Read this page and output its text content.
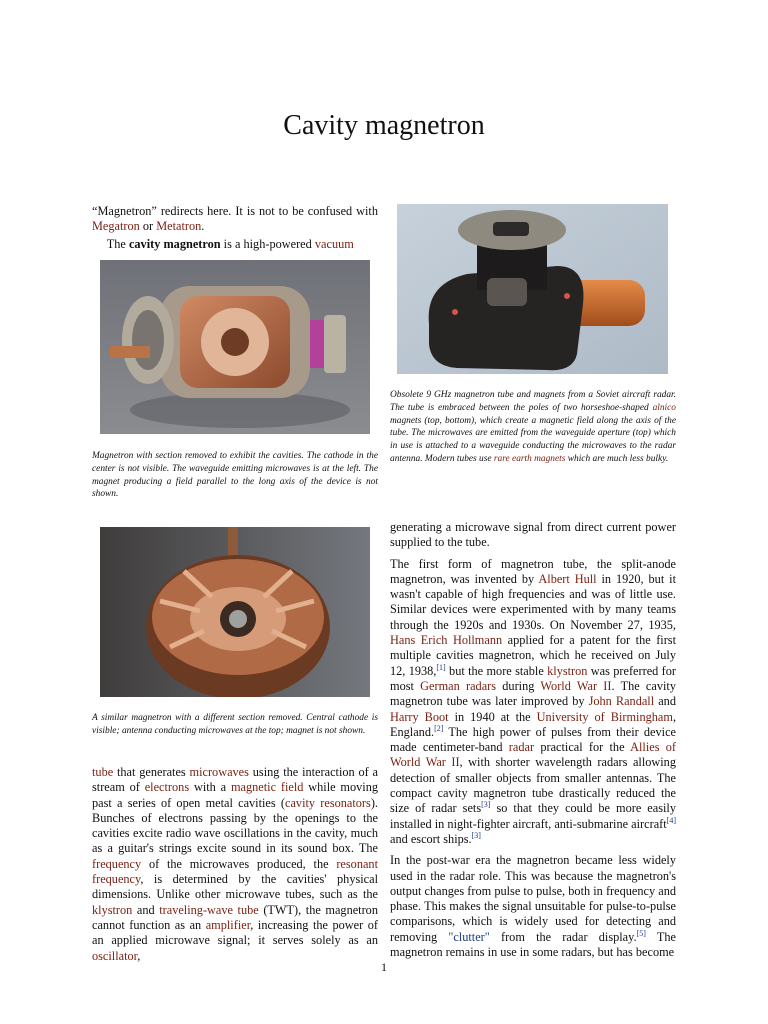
Cavity magnetron

“Magnetron” redirects here. It is not to be confused with Megatron or Metatron.

The cavity magnetron is a high-powered vacuum

Magnetron with section removed to exhibit the cavities. The cathode in the center is not visible. The waveguide emitting microwaves is at the left. The magnet producing a field parallel to the long axis of the device is not shown.
Obsolete 9 GHz magnetron tube and magnets from a Soviet aircraft radar. The tube is embraced between the poles of two horseshoe-shaped alnico magnets (top, bottom), which create a magnetic field along the axis of the tube. The microwaves are emitted from the waveguide aperture (top) which in use is attached to a waveguide conducting the microwaves to the radar antenna. Modern tubes use rare earth magnets which are much less bulky.
A similar magnetron with a different section removed. Central cathode is visible; antenna conducting microwaves at the top; magnet is not shown.

tube that generates microwaves using the interaction of a stream of electrons with a magnetic field while moving past a series of open metal cavities (cavity resonators). Bunches of electrons passing by the openings to the cavities excite radio wave oscillations in the cavity, much as a guitar's strings excite sound in its sound box. The frequency of the microwaves produced, the resonant frequency, is determined by the cavities' physical dimensions. Unlike other microwave tubes, such as the klystron and traveling-wave tube (TWT), the magnetron cannot function as an amplifier, increasing the power of an applied microwave signal; it serves solely as an oscillator,

generating a microwave signal from direct current power supplied to the tube.

The first form of magnetron tube, the split-anode magnetron, was invented by Albert Hull in 1920, but it wasn't capable of high frequencies and was of little use. Similar devices were experimented with by many teams through the 1920s and 1930s. On November 27, 1935, Hans Erich Hollmann applied for a patent for the first multiple cavities magnetron, which he received on July 12, 1938,[1] but the more stable klystron was preferred for most German radars during World War II. The cavity magnetron tube was later improved by John Randall and Harry Boot in 1940 at the University of Birmingham, England.[2] The high power of pulses from their device made centimeter-band radar practical for the Allies of World War II, with shorter wavelength radars allowing detection of smaller objects from smaller antennas. The compact cavity magnetron tube drastically reduced the size of radar sets[3] so that they could be more easily installed in night-fighter aircraft, anti-submarine aircraft[4] and escort ships.[3]

In the post-war era the magnetron became less widely used in the radar role. This was because the magnetron's output changes from pulse to pulse, both in frequency and phase. This makes the signal unsuitable for pulse-to-pulse comparisons, which is widely used for detecting and removing "clutter" from the radar display.[5] The magnetron remains in use in some radars, but has become

1
